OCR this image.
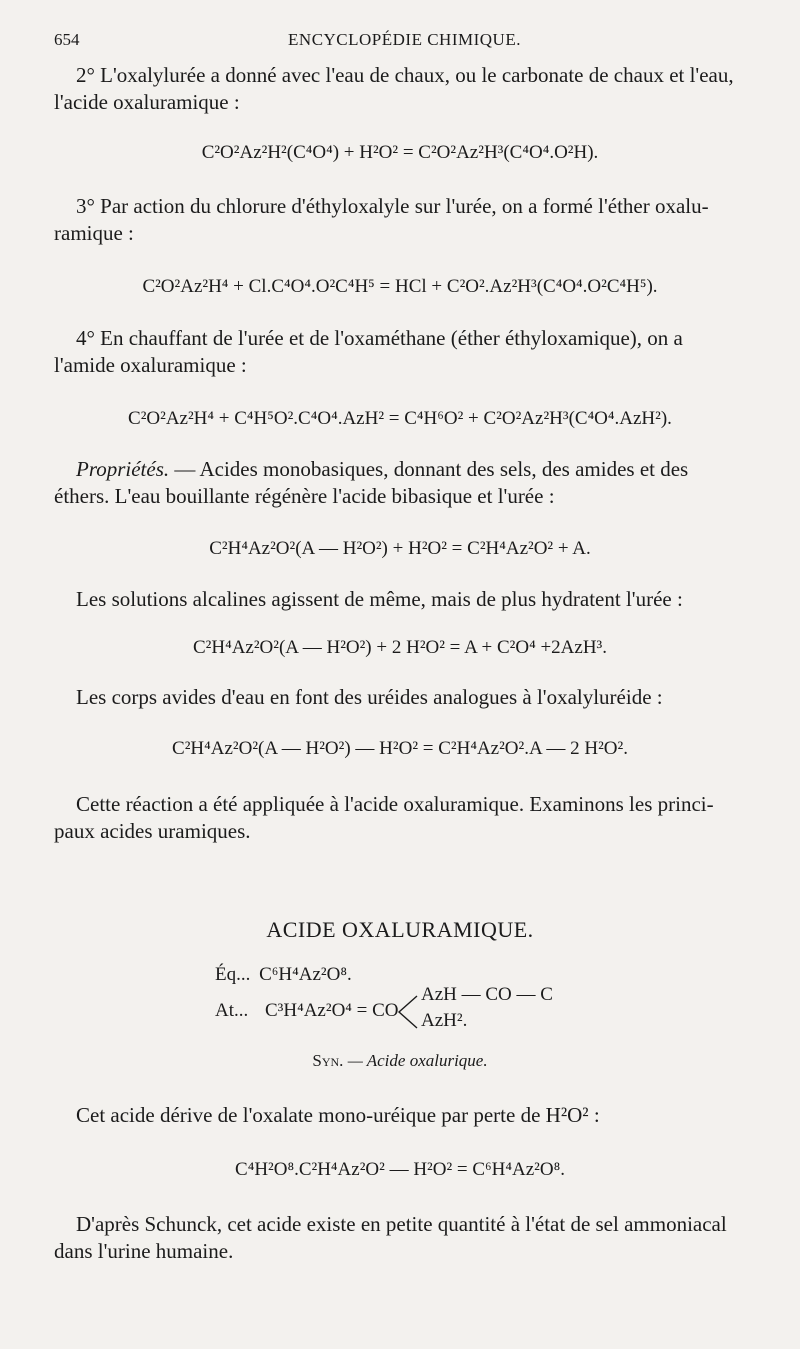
654	ENCYCLOPÉDIE CHIMIQUE.

2° L'oxalylurée a donné avec l'eau de chaux, ou le carbonate de chaux et l'eau,
l'acide oxaluramique :

C²O²Az²H²(C⁴O⁴) + H²O² = C²O²Az²H³(C⁴O⁴.O²H).

3° Par action du chlorure d'éthyloxalyle sur l'urée, on a formé l'éther oxalu-
ramique :

C²O²Az²H⁴ + Cl.C⁴O⁴.O²C⁴H⁵ = HCl + C²O².Az²H³(C⁴O⁴.O²C⁴H⁵).

4° En chauffant de l'urée et de l'oxaméthane (éther éthyloxamique), on a
l'amide oxaluramique :

C²O²Az²H⁴ + C⁴H⁵O².C⁴O⁴.AzH² = C⁴H⁶O² + C²O²Az²H³(C⁴O⁴.AzH²).

Propriétés. — Acides monobasiques, donnant des sels, des amides et des
éthers. L'eau bouillante régénère l'acide bibasique et l'urée :

C²H⁴Az²O²(A — H²O²) + H²O² = C²H⁴Az²O² + A.

Les solutions alcalines agissent de même, mais de plus hydratent l'urée :

C²H⁴Az²O²(A — H²O²) + 2 H²O² = A + C²O⁴ +2AzH³.

Les corps avides d'eau en font des uréides analogues à l'oxalyluréide :

C²H⁴Az²O²(A — H²O²) — H²O² = C²H⁴Az²O².A — 2 H²O².

Cette réaction a été appliquée à l'acide oxaluramique. Examinons les princi-
paux acides uramiques.

ACIDE OXALURAMIQUE.
Éq... C⁶H⁴Az²O⁸.
At... C³H⁴Az²O⁴ = CO
AzH — CO — C
AzH².
Syn. — Acide oxalurique.

Cet acide dérive de l'oxalate mono-uréique par perte de H²O² :

C⁴H²O⁸.C²H⁴Az²O² — H²O² = C⁶H⁴Az²O⁸.

D'après Schunck, cet acide existe en petite quantité à l'état de sel ammoniacal
dans l'urine humaine.
